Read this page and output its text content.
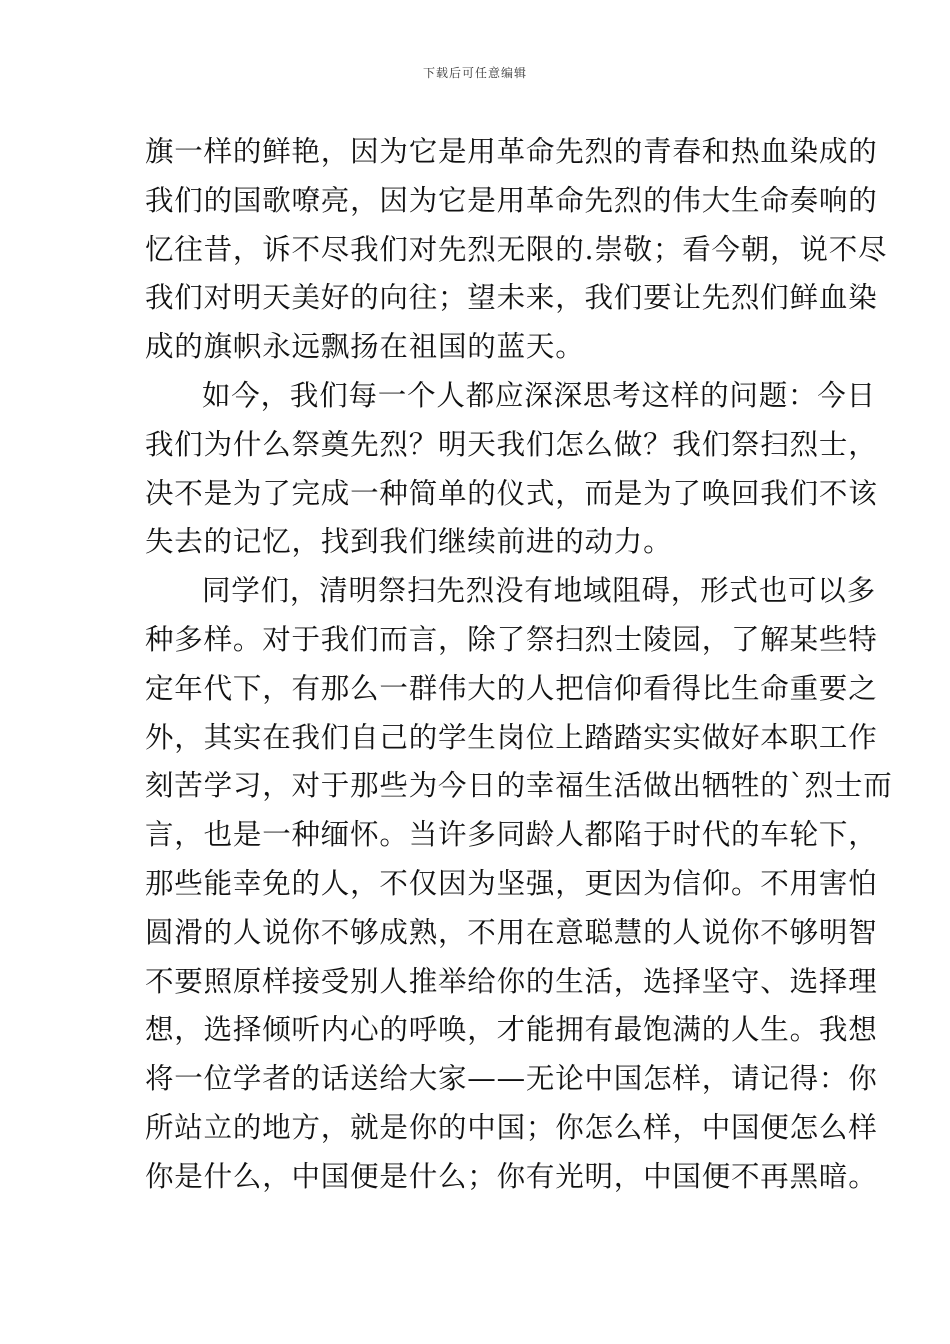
下载后可任意编辑
旗一样的鲜艳，因为它是用革命先烈的青春和热血染成的
我们的国歌嘹亮，因为它是用革命先烈的伟大生命奏响的
忆往昔，诉不尽我们对先烈无限的.崇敬；看今朝，说不尽
我们对明天美好的向往；望未来，我们要让先烈们鲜血染
成的旗帜永远飘扬在祖国的蓝天。
如今，我们每一个人都应深深思考这样的问题：今日
我们为什么祭奠先烈？明天我们怎么做？我们祭扫烈士，
决不是为了完成一种简单的仪式，而是为了唤回我们不该
失去的记忆，找到我们继续前进的动力。
同学们，清明祭扫先烈没有地域阻碍，形式也可以多
种多样。对于我们而言，除了祭扫烈士陵园，了解某些特
定年代下，有那么一群伟大的人把信仰看得比生命重要之
外，其实在我们自己的学生岗位上踏踏实实做好本职工作
刻苦学习，对于那些为今日的幸福生活做出牺牲的`烈士而
言，也是一种缅怀。当许多同龄人都陷于时代的车轮下，
那些能幸免的人，不仅因为坚强，更因为信仰。不用害怕
圆滑的人说你不够成熟，不用在意聪慧的人说你不够明智
不要照原样接受别人推举给你的生活，选择坚守、选择理
想，选择倾听内心的呼唤，才能拥有最饱满的人生。我想
将一位学者的话送给大家——无论中国怎样，请记得：你
所站立的地方，就是你的中国；你怎么样，中国便怎么样
你是什么，中国便是什么；你有光明，中国便不再黑暗。
